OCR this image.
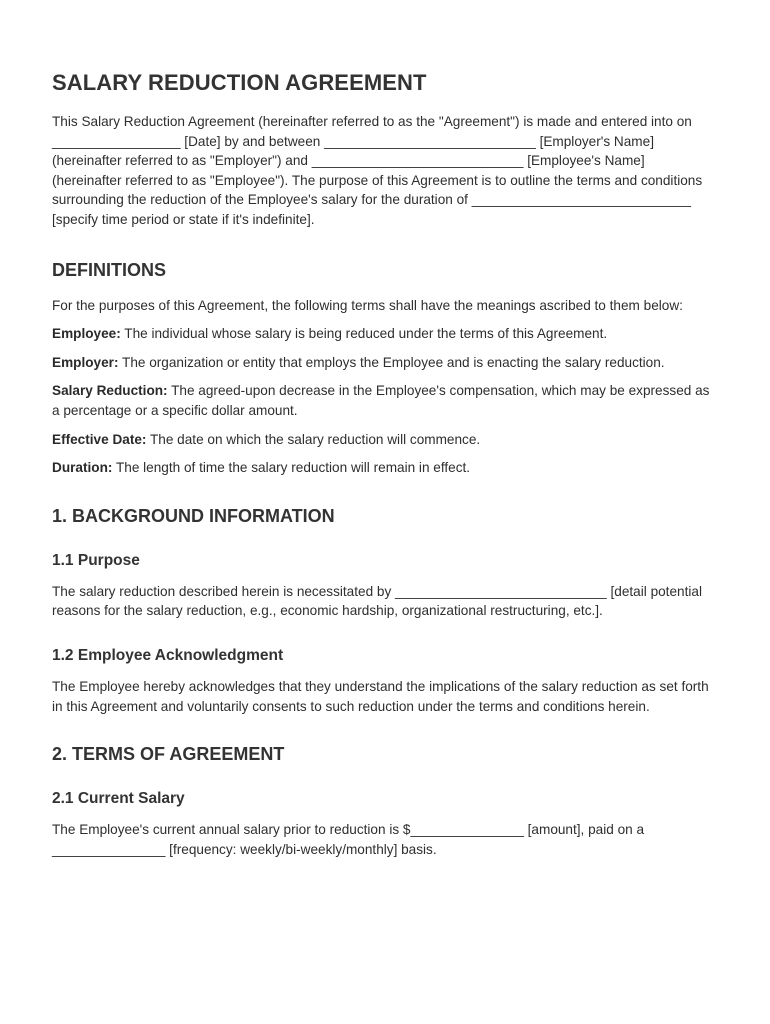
SALARY REDUCTION AGREEMENT

This Salary Reduction Agreement (hereinafter referred to as the "Agreement") is made and entered into on _________________ [Date] by and between ____________________________ [Employer's Name] (hereinafter referred to as "Employer") and ____________________________ [Employee's Name] (hereinafter referred to as "Employee"). The purpose of this Agreement is to outline the terms and conditions surrounding the reduction of the Employee's salary for the duration of _____________________________ [specify time period or state if it's indefinite].

DEFINITIONS

For the purposes of this Agreement, the following terms shall have the meanings ascribed to them below:

Employee: The individual whose salary is being reduced under the terms of this Agreement.

Employer: The organization or entity that employs the Employee and is enacting the salary reduction.

Salary Reduction: The agreed-upon decrease in the Employee's compensation, which may be expressed as a percentage or a specific dollar amount.

Effective Date: The date on which the salary reduction will commence.

Duration: The length of time the salary reduction will remain in effect.

1. BACKGROUND INFORMATION
1.1 Purpose

The salary reduction described herein is necessitated by ____________________________ [detail potential reasons for the salary reduction, e.g., economic hardship, organizational restructuring, etc.].

1.2 Employee Acknowledgment

The Employee hereby acknowledges that they understand the implications of the salary reduction as set forth in this Agreement and voluntarily consents to such reduction under the terms and conditions herein.

2. TERMS OF AGREEMENT
2.1 Current Salary

The Employee's current annual salary prior to reduction is $_______________ [amount], paid on a _______________ [frequency: weekly/bi-weekly/monthly] basis.
